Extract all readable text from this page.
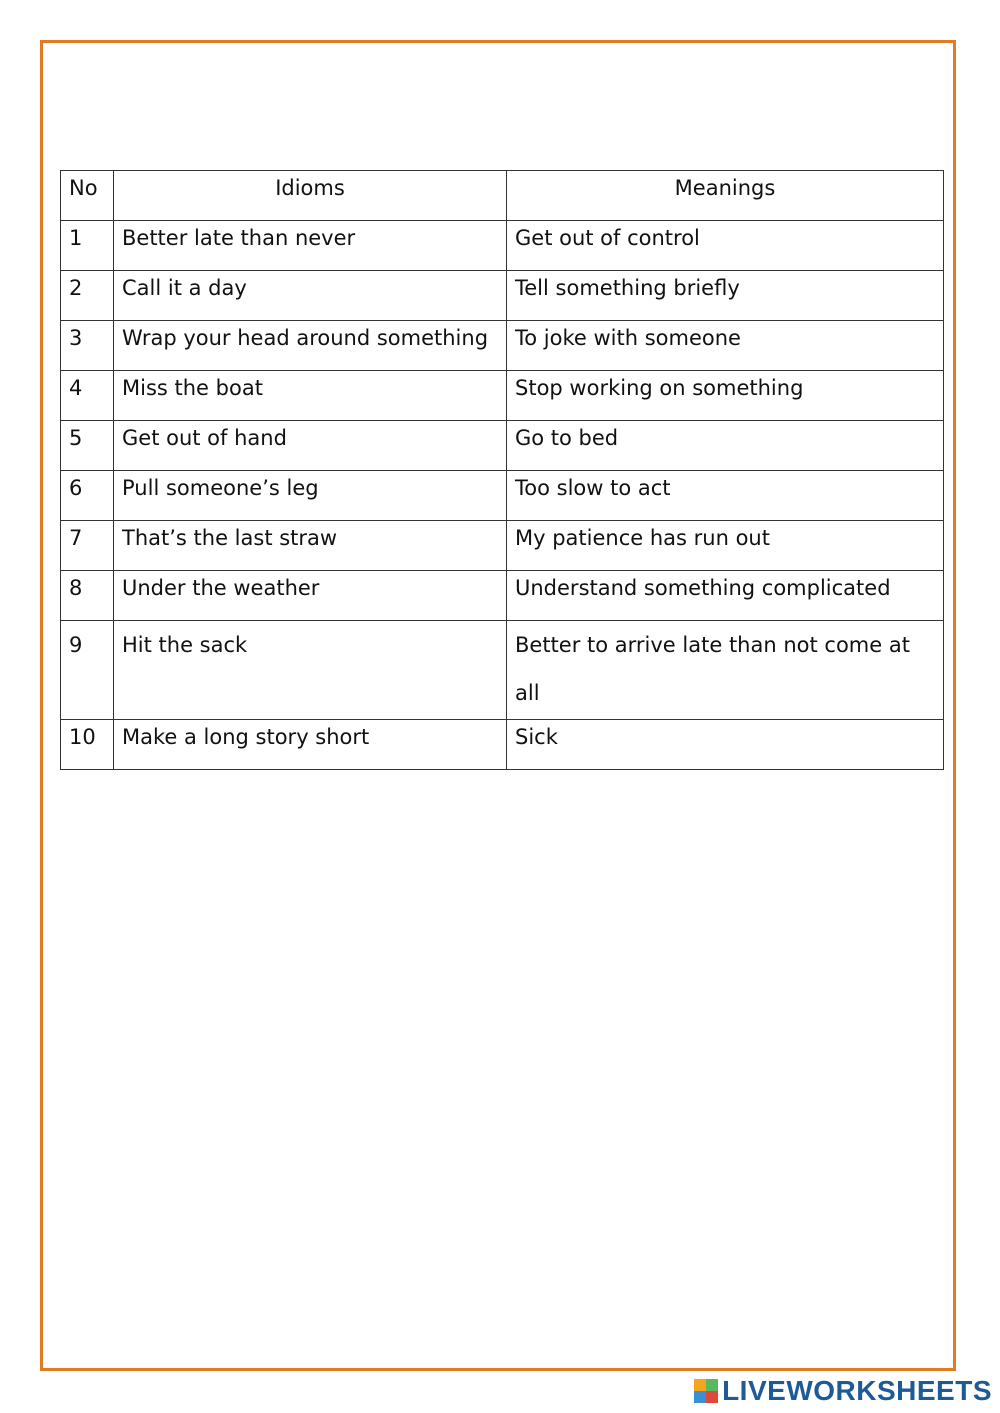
No	Idioms	Meanings
1	Better late than never	Get out of control
2	Call it a day	Tell something briefly
3	Wrap your head around something	To joke with someone
4	Miss the boat	Stop working on something
5	Get out of hand	Go to bed
6	Pull someone’s leg	Too slow to act
7	That’s the last straw	My patience has run out
8	Under the weather	Understand something complicated
9	Hit the sack	Better to arrive late than not come at all
10	Make a long story short	Sick
LIVEWORKSHEETS
